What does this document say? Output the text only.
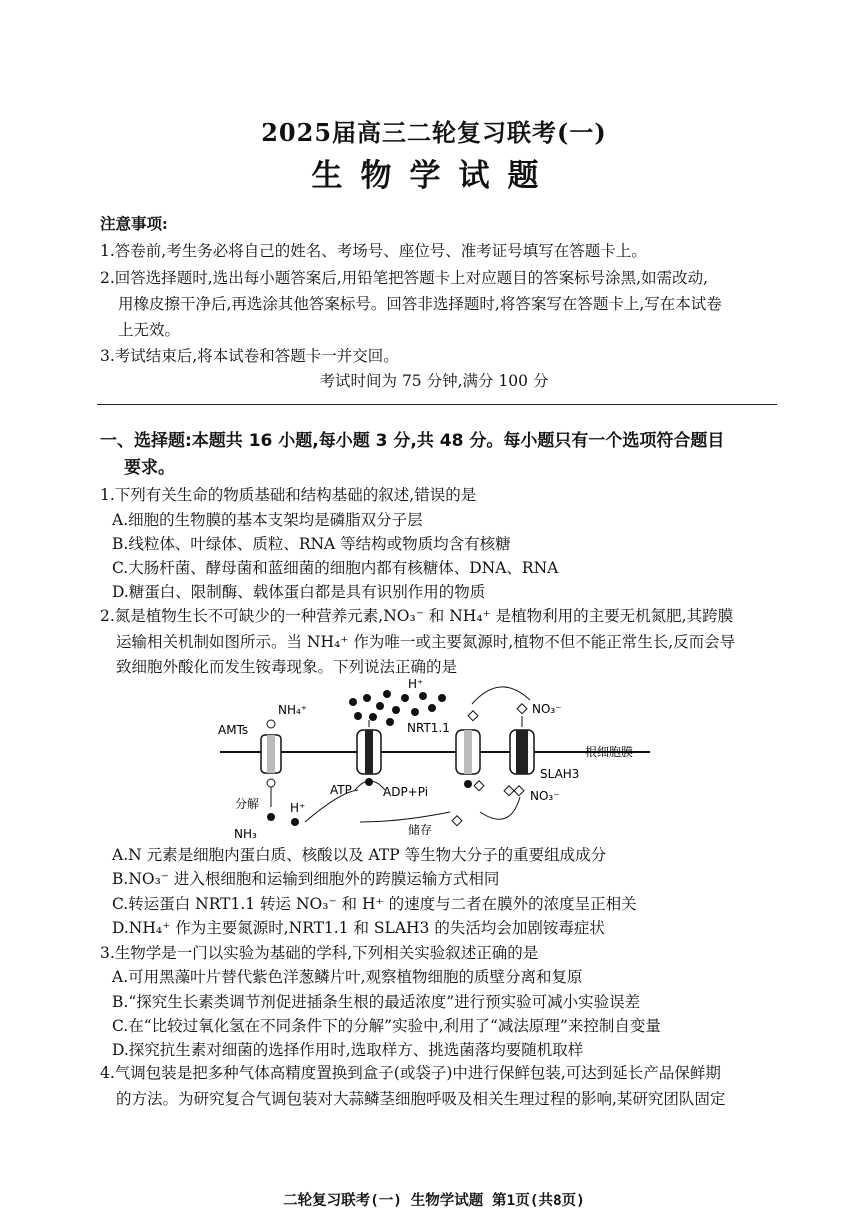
2025届高三二轮复习联考(一)
生物学试题
注意事项:
1.答卷前,考生务必将自己的姓名、考场号、座位号、准考证号填写在答题卡上。
2.回答选择题时,选出每小题答案后,用铅笔把答题卡上对应题目的答案标号涂黑,如需改动,
用橡皮擦干净后,再选涂其他答案标号。回答非选择题时,将答案写在答题卡上,写在本试卷
上无效。
3.考试结束后,将本试卷和答题卡一并交回。
考试时间为 75 分钟,满分 100 分
一、选择题:本题共 16 小题,每小题 3 分,共 48 分。每小题只有一个选项符合题目
要求。
1.下列有关生命的物质基础和结构基础的叙述,错误的是
A.细胞的生物膜的基本支架均是磷脂双分子层
B.线粒体、叶绿体、质粒、RNA 等结构或物质均含有核糖
C.大肠杆菌、酵母菌和蓝细菌的细胞内都有核糖体、DNA、RNA
D.糖蛋白、限制酶、载体蛋白都是具有识别作用的物质
2.氮是植物生长不可缺少的一种营养元素,NO₃⁻ 和 NH₄⁺ 是植物利用的主要无机氮肥,其跨膜
运输相关机制如图所示。当 NH₄⁺ 作为唯一或主要氮源时,植物不但不能正常生长,反而会导
致细胞外酸化而发生铵毒现象。下列说法正确的是
根细胞膜
AMTs
NH₄⁺
分解	H⁺
NH₃
H⁺
ATP	ADP+Pi
NRT1.1
储存
NO₃⁻
SLAH3
NO₃⁻
A.N 元素是细胞内蛋白质、核酸以及 ATP 等生物大分子的重要组成成分
B.NO₃⁻ 进入根细胞和运输到细胞外的跨膜运输方式相同
C.转运蛋白 NRT1.1 转运 NO₃⁻ 和 H⁺ 的速度与二者在膜外的浓度呈正相关
D.NH₄⁺ 作为主要氮源时,NRT1.1 和 SLAH3 的失活均会加剧铵毒症状
3.生物学是一门以实验为基础的学科,下列相关实验叙述正确的是
A.可用黑藻叶片替代紫色洋葱鳞片叶,观察植物细胞的质壁分离和复原
B.“探究生长素类调节剂促进插条生根的最适浓度”进行预实验可减小实验误差
C.在“比较过氧化氢在不同条件下的分解”实验中,利用了“减法原理”来控制自变量
D.探究抗生素对细菌的选择作用时,选取样方、挑选菌落均要随机取样
4.气调包装是把多种气体高精度置换到盒子(或袋子)中进行保鲜包装,可达到延长产品保鲜期
的方法。为研究复合气调包装对大蒜鳞茎细胞呼吸及相关生理过程的影响,某研究团队固定
二轮复习联考(一) 生物学试题 第1页(共8页)
